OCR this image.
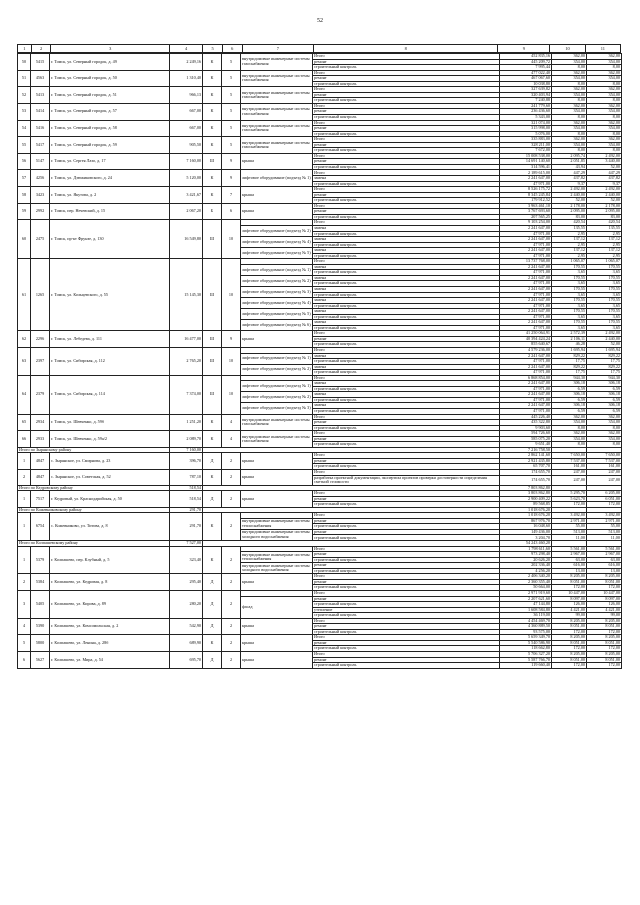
52
1	2	3	4	5	6	7	8	9	10	11
50	5415	г. Томск, ул. Северный городок, д. 49	2 249,16	К	5	внутридомовые инженерные системы газоснабжения	Итого	452 835,16	362,00	362,00
							ремонт	445 209,72	354,00	354,00
							строительный контроль	7 995,44	8,00	8,00
51	4563	г. Томск, ул. Северный городок, д. 50	1 310,40	К	5	внутридомовые инженерные системы газоснабжения	Итого	477 022,40	362,00	362,00
							ремонт	467 067,60	354,00	354,00
							строительный контроль	10 038,80	8,00	8,00
52	5413	г. Томск, ул. Северный городок, д. 51	966,13	К	5	внутридомовые инженерные системы газоснабжения	Итого	327 639,82	362,00	362,00
							ремонт	320 403,94	354,00	354,00
							строительный контроль	7 240,88	8,00	8,00
53	5414	г. Томск, ул. Северный городок, д. 57	667,00	К	5	внутридомовые инженерные системы газоснабжения	Итого	241 779,60	362,00	362,00
							ремонт	236 436,60	354,00	354,00
							строительный контроль	5 343,00	8,00	8,00
54	5416	г. Томск, ул. Северный городок, д. 58	667,00	К	5	внутридомовые инженерные системы газоснабжения	Итого	321 074,00	362,00	362,00
							ремонт	315 998,00	354,00	354,00
							строительный контроль	5 076,00	8,00	8,00
55	5417	г. Томск, ул. Северный городок, д. 59	905,50	К	5	внутридомовые инженерные системы газоснабжения	Итого	335 883,00	362,00	362,00
							ремонт	328 211,00	354,00	354,00
							строительный контроль	7 672,00	8,00	8,00
56	5147	г. Томск, ул. Сергея Лазо, д. 17	7 160,00	Ш	9	крыша	Итого	15 008 538,00	2 095,74	2 492,00
							ремонт	14 691 140,60	2 051,85	3 440,00
							строительный контроль	314 596,41	43,94	52,00
57	4256	г. Томск, ул. Дзюжиковского, д. 24	5 120,00	К	9	лифтовое оборудование (подъезд № 1)	Итого	2 189 615,00	447,29	447,29
							замена	2 241 647,00	437,82	437,82
							строительный контроль	47 971,00	9,37	9,37
58	3423	г. Томск, ул. Якутова, д. 2	3 421,67	К	7	крыша	Итого	8 526 175,72	2 492,00	2 492,00
							ремонт	8 345 245,84	2 440,00	2 440,00
							строительный контроль	179 912,52	52,00	52,00
59	2992	г. Томск, пер. Нечевский, д. 15	2 067,20	Б	6	крыша	Итого	3 963 461,10	2 178,00	2 178,00
							ремонт	3 767 693,60	2 095,00	2 095,00
							строительный контроль	207 565,25	83,00	83,00
60	2475	г. Томск, пр-кт Фрунзе, д. 130	16 549,80	Ш	10		Итого	9 103 254,00	420,54	420,54
						лифтовое оборудование (подъезд № 2)	замена	2 241 647,00	135,55	135,55
							строительный контроль	47 971,00	2,95	2,95
						лифтовое оборудование (подъезд № 4)	замена	2 241 647,00	137,12	137,12
							строительный контроль	47 971,00	2,95	2,95
						лифтовое оборудование (подъезд № 5)	замена	2 241 647,00	137,12	137,12
							строительный контроль	47 971,00	2,95	2,95
61	1265	г. Томск, ул. Кольцевского, д. 55	15 145,30	Ш	10		Итого	13 737 768,00	1 065,07	1 065,07
						лифтовое оборудование (подъезд № 1)	замена	2 241 647,00	170,55	170,55
							строительный контроль	47 971,00	3,65	3,65
						лифтовое оборудование (подъезд № 2)	замена	2 241 647,00	170,55	170,55
							строительный контроль	47 971,00	3,65	3,65
						лифтовое оборудование (подъезд № 3)	замена	2 241 647,00	170,55	170,55
							строительный контроль	47 971,00	3,65	3,65
						лифтовое оборудование (подъезд № 4)	замена	2 241 647,00	170,55	170,55
							строительный контроль	47 971,00	3,65	3,65
						лифтовое оборудование (подъезд № 5)	замена	2 241 647,00	170,55	170,55
							строительный контроль	47 971,00	3,65	3,65
						лифтовое оборудование (подъезд № 6)	замена	2 241 647,00	170,55	170,55
							строительный контроль	47 971,00	3,65	3,65
62	2296	г. Томск, ул. Лебедева, д. 111	16 477,00	Ш	9	крыша	Итого	41 250 064,91	2 572,39	2 492,00
							ремонт	40 394 424,24	2 106,11	2 440,00
							строительный контроль	855 640,67	46,28	52,00
63	2397	г. Томск, ул. Сибирская, д. 112	2 765,20	Ш	10		Итого	4 579 236,00	1 695,94	1 695,94
						лифтовое оборудование (подъезд № 1)	замена	2 241 647,00	829,22	829,22
							строительный контроль	47 971,00	17,75	17,75
						лифтовое оборудование (подъезд № 2)	замена	2 241 647,00	829,22	829,22
							строительный контроль	47 971,00	17,75	17,75
64	2379	г. Томск, ул. Сибирская, д. 114	7 374,00	Ш	10		Итого	6 868 854,00	944,30	944,30
						лифтовое оборудование (подъезд № 1)	замена	2 241 647,00	306,18	306,18
							строительный контроль	47 971,00	6,59	6,59
						лифтовое оборудование (подъезд № 2)	замена	2 241 647,00	306,18	306,18
							строительный контроль	47 971,00	6,59	6,59
						лифтовое оборудование (подъезд № 3)	замена	2 241 647,00	306,18	306,18
							строительный контроль	47 971,00	6,59	6,59
65	2934	г. Томск, ул. Шевченко, д. 59б	1 251,20	К	4	внутридомовые инженерные системы газоснабжения	Итого	445 226,40	362,00	362,00
							ремонт	435 322,80	354,00	354,00
							строительный контроль	9 903,60	8,00	8,00
66	2933	г. Томск, ул. Шевченко, д. 59а/2	2 089,70	К	4	внутридомовые инженерные системы газоснабжения	Итого	594 726,60	362,00	362,00
							ремонт	585 075,20	354,00	354,00
							строительный контроль	9 651,40	8,00	8,00
Итого по Зырянскому району			7 160,00					7 216 758,50		
1	4847	с. Зырянское, ул. Смирнова, д. 23	396,70	Д	2	крыша	Итого	2 862 141,60	7 650,00	7 650,00
							ремонт	2 921 435,80	7 537,00	7 537,00
							строительный контроль	65 707,70	161,00	161,00
2	4847	с. Зырянское, ул. Советская, д. 52	787,10	К	2	крыша	Итого	174 655,70	247,00	247,00
							разработка проектной документации, экспертиза проектов проверки достоверности определения сметной стоимости	174 655,70	247,00	247,00
Итого по Кедровскому району			518,54					7 803 862,80		
1	7517	г. Кедровый, ул. Краснодарийская, д. 50	518,54	Д	2	крыша	Итого	3 803 862,80	5 295,70	6 205,00
							ремонт	2 900 409,22	5 623,70	6 051,00
							строительный контроль	89 568,85	172,00	172,00
Итого по Кожевниковскому району			291,70					1 018 676,20		
1	6754	с. Кожевниково, ул. Титова, д. 8	291,70	К	2		Итого	1 018 676,20	3 492,00	3 492,00
						внутридомовые инженерные системы теплоснабжения	ремонт	867 976,70	2 971,00	2 971,00
							строительный контроль	16 048,60	55,00	55,00
						внутридомовые инженерные системы холодного водоснабжения	ремонт	149 436,00	513,00	513,00
							строительный контроль	3 204,70	11,00	11,00
Итого по Колпашевскому району			7 527,00					54 243 460,20		
1	5379	г. Колпашево, пер. Клубный, д. 5	323,40	К	2		Итого	1 798 611,60	5 561,00	5 561,00
						внутридомовые инженерные системы теплоснабжения	ремонт	973 298,40	2 967,00	2 967,00
							строительный контроль	20 626,20	63,00	63,00
						внутридомовые инженерные системы холодного водоснабжения	ремонт	202 336,40	616,00	616,00
							строительный контроль	4 256,20	13,00	13,00
2	5384	г. Колпашево, ул. Кедровая, д. 8	295,40	Д	2	крыша	Итого	2 406 340,20	8 205,00	8 205,00
							ремонт	2 360 355,40	8 051,00	8 051,00
							строительный контроль	50 664,00	172,00	172,00
3	5405	г. Колпашево, ул. Кирова, д. 89	280,20	Д	2		Итого	2 971 919,60	10 447,00	10 447,00
						фасад	ремонт	2 207 621,60	8 097,00	8 097,00
							строительный контроль	47 144,80	126,00	126,00
							утепление	1 608 584,80	4 421,00	4 421,00
							строительный контроль	36 119,00	99,00	99,00
4	5390	г. Колпашево, ул. Комсомольская, д. 2	542,90	Д	2	крыша	Итого	4 454 469,70	8 205,00	8 205,00
							ремонт	4 360 889,50	8 051,00	8 051,00
							строительный контроль	93 575,00	172,00	172,00
5	5800	г. Колпашево, ул. Ленина, д. 28б	689,90	К	2	крыша	Итого	5 659 349,70	8 205,00	8 205,00
							ремонт	5 540 586,90	8 051,00	8 051,00
							строительный контроль	118 662,80	172,00	172,00
6	5627	г. Колпашево, ул. Мира, д. 54	695,70	Д	2	крыша	Итого	5 706 327,20	8 205,00	8 205,00
							ремонт	5 587 766,70	8 051,00	8 051,00
							строительный контроль	119 660,40	172,00	172,00
